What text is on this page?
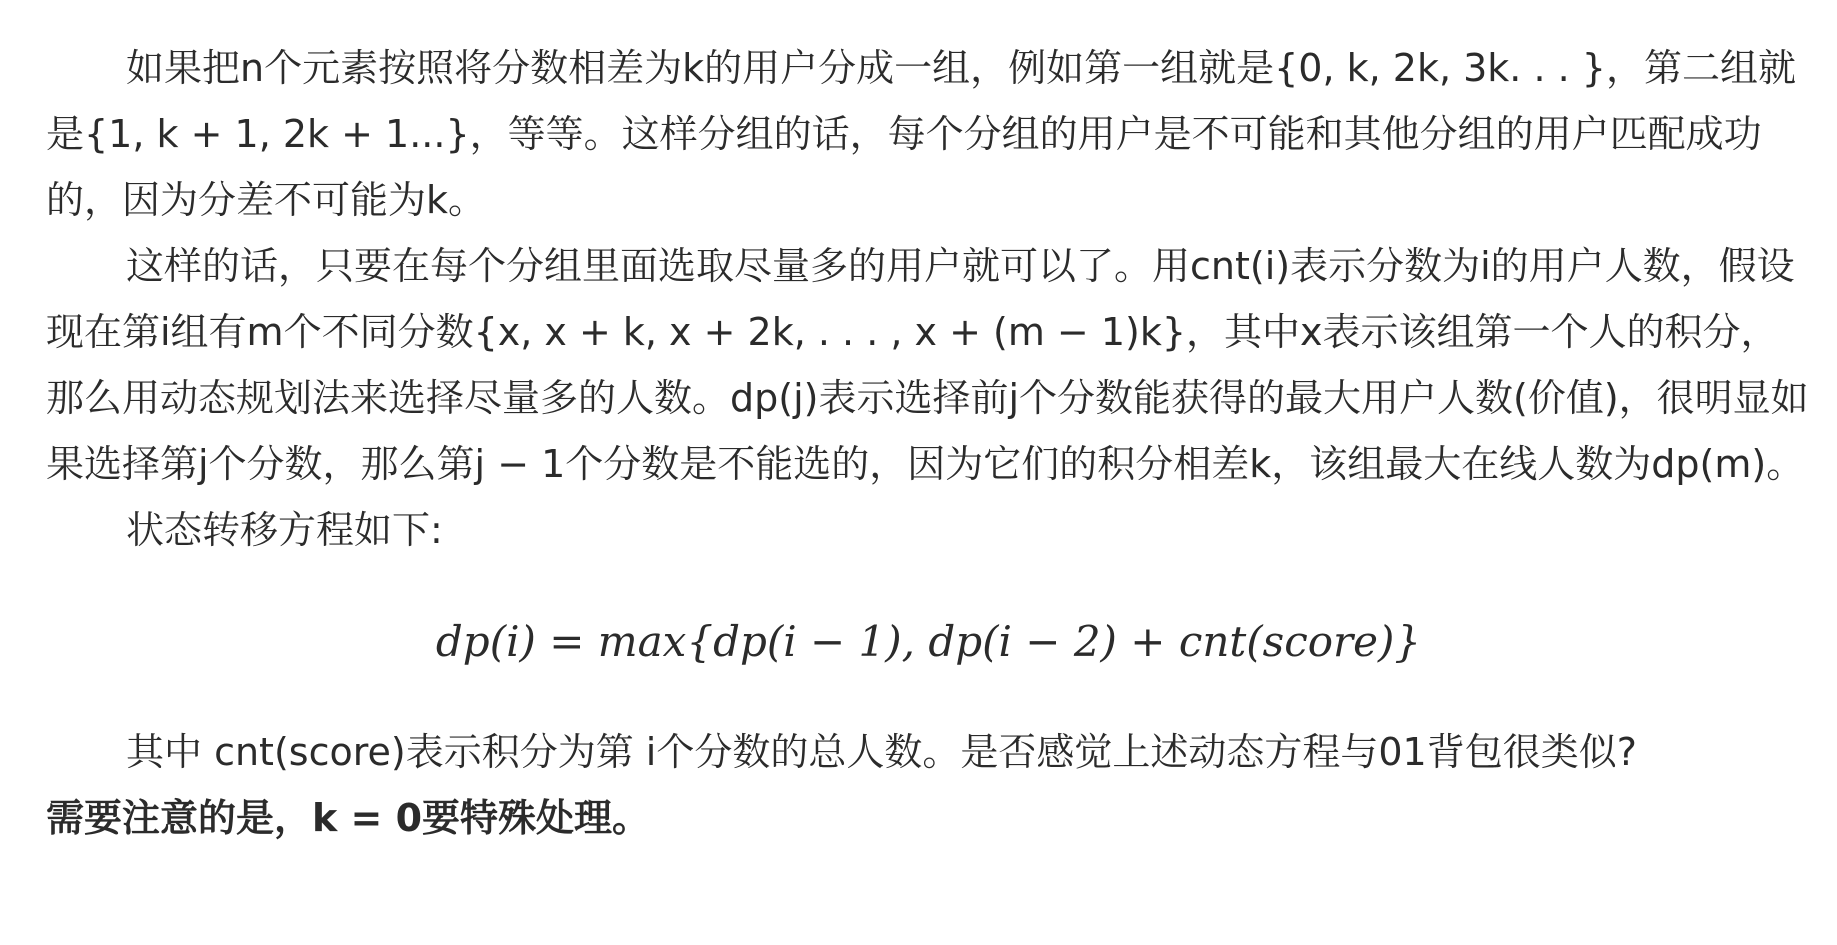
如果把n个元素按照将分数相差为k的用户分成一组，例如第一组就是{0, k, 2k, 3k. . . }，第二组就是{1, k + 1, 2k + 1...}，等等。这样分组的话，每个分组的用户是不可能和其他分组的用户匹配成功的，因为分差不可能为k。

这样的话，只要在每个分组里面选取尽量多的用户就可以了。用cnt(i)表示分数为i的用户人数，假设现在第i组有m个不同分数{x, x + k, x + 2k, . . . , x + (m − 1)k}，其中x表示该组第一个人的积分，那么用动态规划法来选择尽量多的人数。dp(j)表示选择前j个分数能获得的最大用户人数(价值)，很明显如果选择第j个分数，那么第j − 1个分数是不能选的，因为它们的积分相差k，该组最大在线人数为dp(m)。

状态转移方程如下:

dp(i) = max{dp(i − 1), dp(i − 2) + cnt(score)}

其中 cnt(score)表示积分为第 i个分数的总人数。是否感觉上述动态方程与01背包很类似?

需要注意的是，k = 0要特殊处理。
